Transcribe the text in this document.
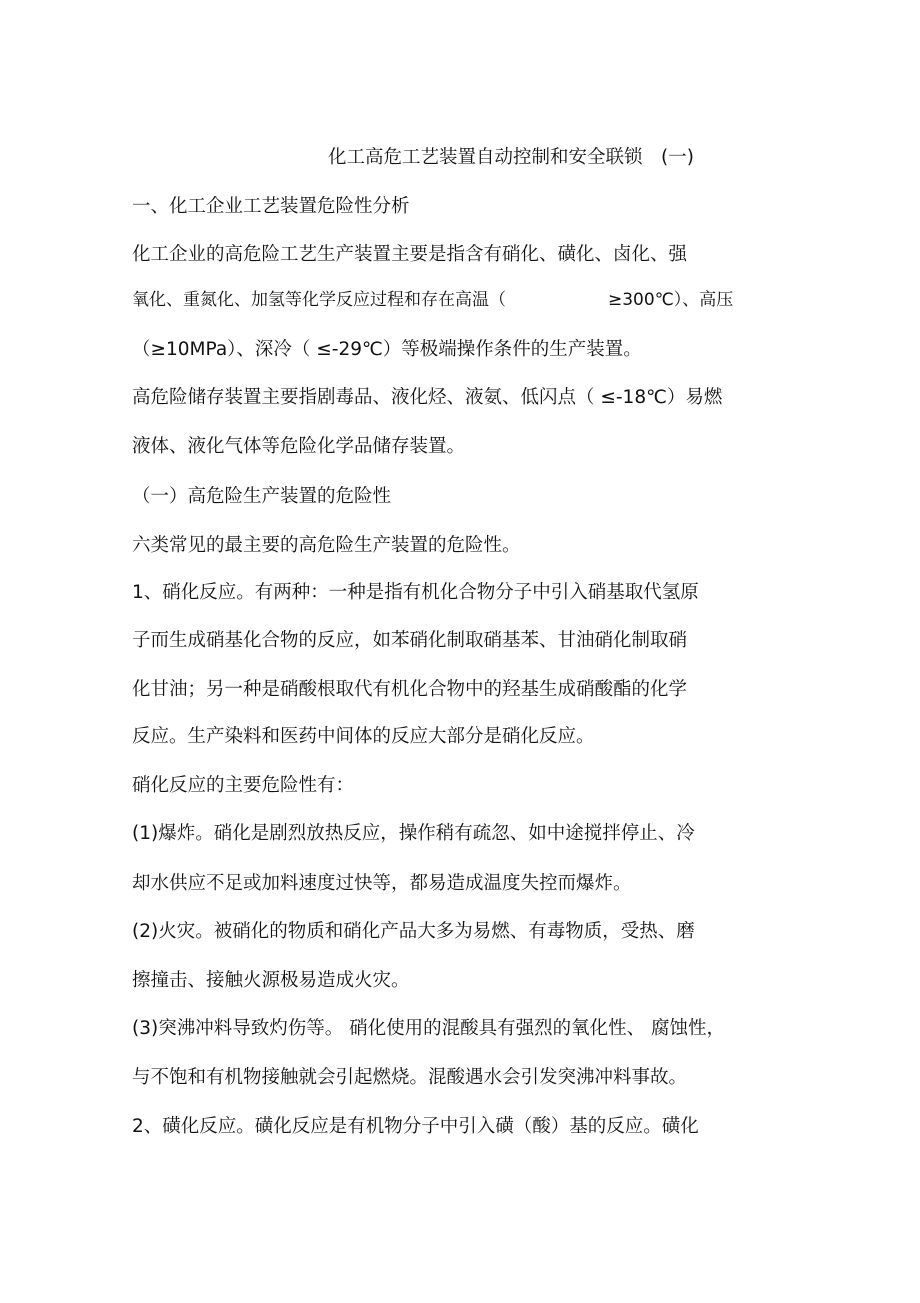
化工高危工艺装置自动控制和安全联锁　(一)
一、化工企业工艺装置危险性分析
化工企业的高危险工艺生产装置主要是指含有硝化、磺化、卤化、强
氧化、重氮化、加氢等化学反应过程和存在高温（　　　　　　≥300℃）、高压
（≥10MPa）、深冷（ ≤-29℃）等极端操作条件的生产装置。
高危险储存装置主要指剧毒品、液化烃、液氨、低闪点（ ≤-18℃）易燃
液体、液化气体等危险化学品储存装置。
（一）高危险生产装置的危险性
六类常见的最主要的高危险生产装置的危险性。
1、硝化反应。有两种：一种是指有机化合物分子中引入硝基取代氢原
子而生成硝基化合物的反应，如苯硝化制取硝基苯、甘油硝化制取硝
化甘油；另一种是硝酸根取代有机化合物中的羟基生成硝酸酯的化学
反应。生产染料和医药中间体的反应大部分是硝化反应。
硝化反应的主要危险性有：
(1)爆炸。硝化是剧烈放热反应，操作稍有疏忽、如中途搅拌停止、冷
却水供应不足或加料速度过快等，都易造成温度失控而爆炸。
(2)火灾。被硝化的物质和硝化产品大多为易燃、有毒物质，受热、磨
擦撞击、接触火源极易造成火灾。
(3)突沸冲料导致灼伤等。 硝化使用的混酸具有强烈的氧化性、 腐蚀性，
与不饱和有机物接触就会引起燃烧。混酸遇水会引发突沸冲料事故。
2、磺化反应。磺化反应是有机物分子中引入磺（酸）基的反应。磺化
